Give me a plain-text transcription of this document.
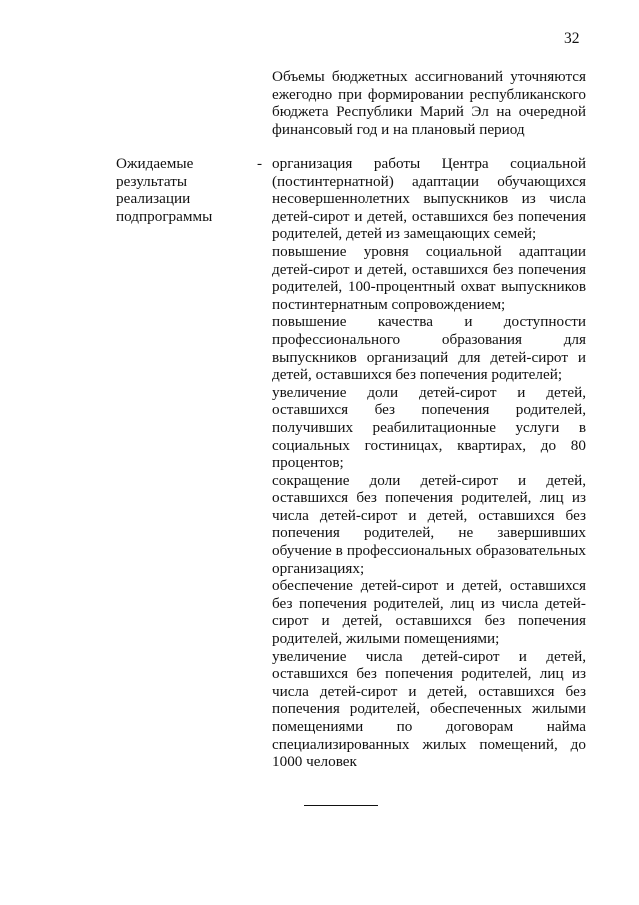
32
Объемы бюджетных ассигнований уточняются ежегодно при формировании республиканского бюджета Республики Марий Эл на очередной финансовый год и на плановый период
Ожидаемые
результаты
реализации
подпрограммы
- организация работы Центра социальной (постинтернатной) адаптации обучающихся несовершеннолетних выпускников из числа детей-сирот и детей, оставшихся без попечения родителей, детей из замещающих семей;
повышение уровня социальной адаптации детей-сирот и детей, оставшихся без попечения родителей, 100-процентный охват выпускников постинтернатным сопровождением;
повышение качества и доступности профессионального образования для выпускников организаций для детей-сирот и детей, оставшихся без попечения родителей;
увеличение доли детей-сирот и детей, оставшихся без попечения родителей, получивших реабилитационные услуги в социальных гостиницах, квартирах, до 80 процентов;
сокращение доли детей-сирот и детей, оставшихся без попечения родителей, лиц из числа детей-сирот и детей, оставшихся без попечения родителей, не завершивших обучение в профессиональных образовательных организациях;
обеспечение детей-сирот и детей, оставшихся без попечения родителей, лиц из числа детей-сирот и детей, оставшихся без попечения родителей, жилыми помещениями;
увеличение числа детей-сирот и детей, оставшихся без попечения родителей, лиц из числа детей-сирот и детей, оставшихся без попечения родителей, обеспеченных жилыми помещениями по договорам найма специализированных жилых помещений, до 1000 человек
